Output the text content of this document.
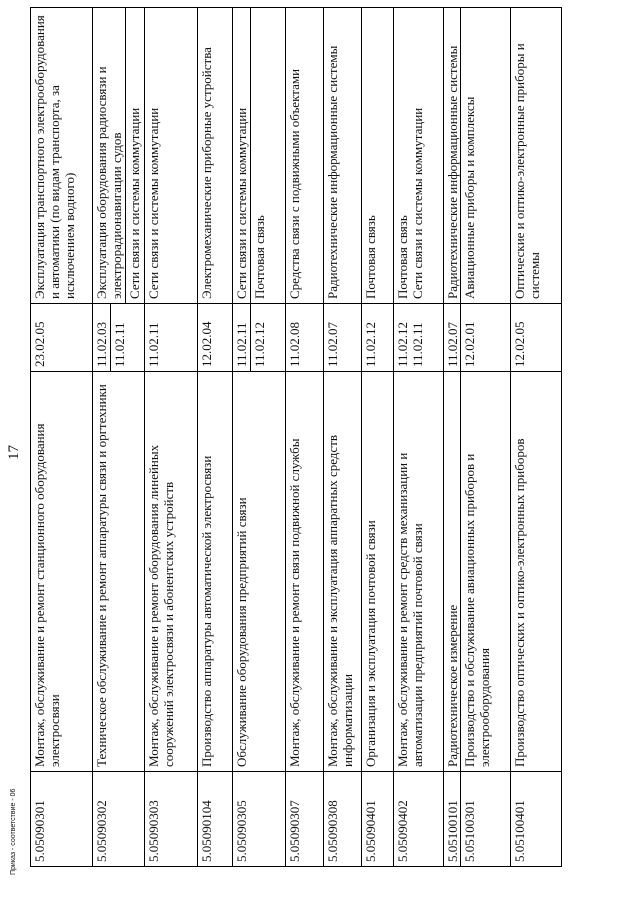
17
5.05090301
Монтаж, обслуживание и ремонт станционного оборудования электросвязи
23.02.05
Эксплуатация транспортного электрооборудования и автоматики (по видам транспорта, за исключением водного)
5.05090302
Техническое обслуживание и ремонт аппаратуры связи и оргтехники
11.02.03 11.02.11
Эксплуатация оборудования радиосвязи и электрорадионавигации судов Сети связи и системы коммутации
5.05090303
Монтаж, обслуживание и ремонт оборудования линейных сооружений электросвязи и абонентских устройств
11.02.11
Сети связи и системы коммутации
5.05090104
Производство аппаратуры автоматической электросвязи
12.02.04
Электромеханические приборные устройства
5.05090305
Обслуживание оборудования предприятий связи
11.02.11 11.02.12
Сети связи и системы коммутации Почтовая связь
5.05090307
Монтаж, обслуживание и ремонт связи подвижной службы
11.02.08
Средства связи с подвижными объектами
5.05090308
Монтаж, обслуживание и эксплуатация аппаратных средств информатизации
11.02.07
Радиотехнические информационные системы
5.05090401
Организация и эксплуатация почтовой связи
11.02.12
Почтовая связь
5.05090402
Монтаж, обслуживание и ремонт средств механизации и автоматизации предприятий почтовой связи
11.02.12
11.02.11
Почтовая связь
Сети связи и системы коммутации
5.05100101
Радиотехническое измерение
11.02.07
Радиотехнические информационные системы
5.05100301
Производство и обслуживание авиационных приборов и электрооборудования
12.02.01
Авиационные приборы и комплексы
5.05100401
Производство оптических и оптико-электронных приборов
12.02.05
Оптические и оптико-электронные приборы и системы
Приказ - соответствие - 06
